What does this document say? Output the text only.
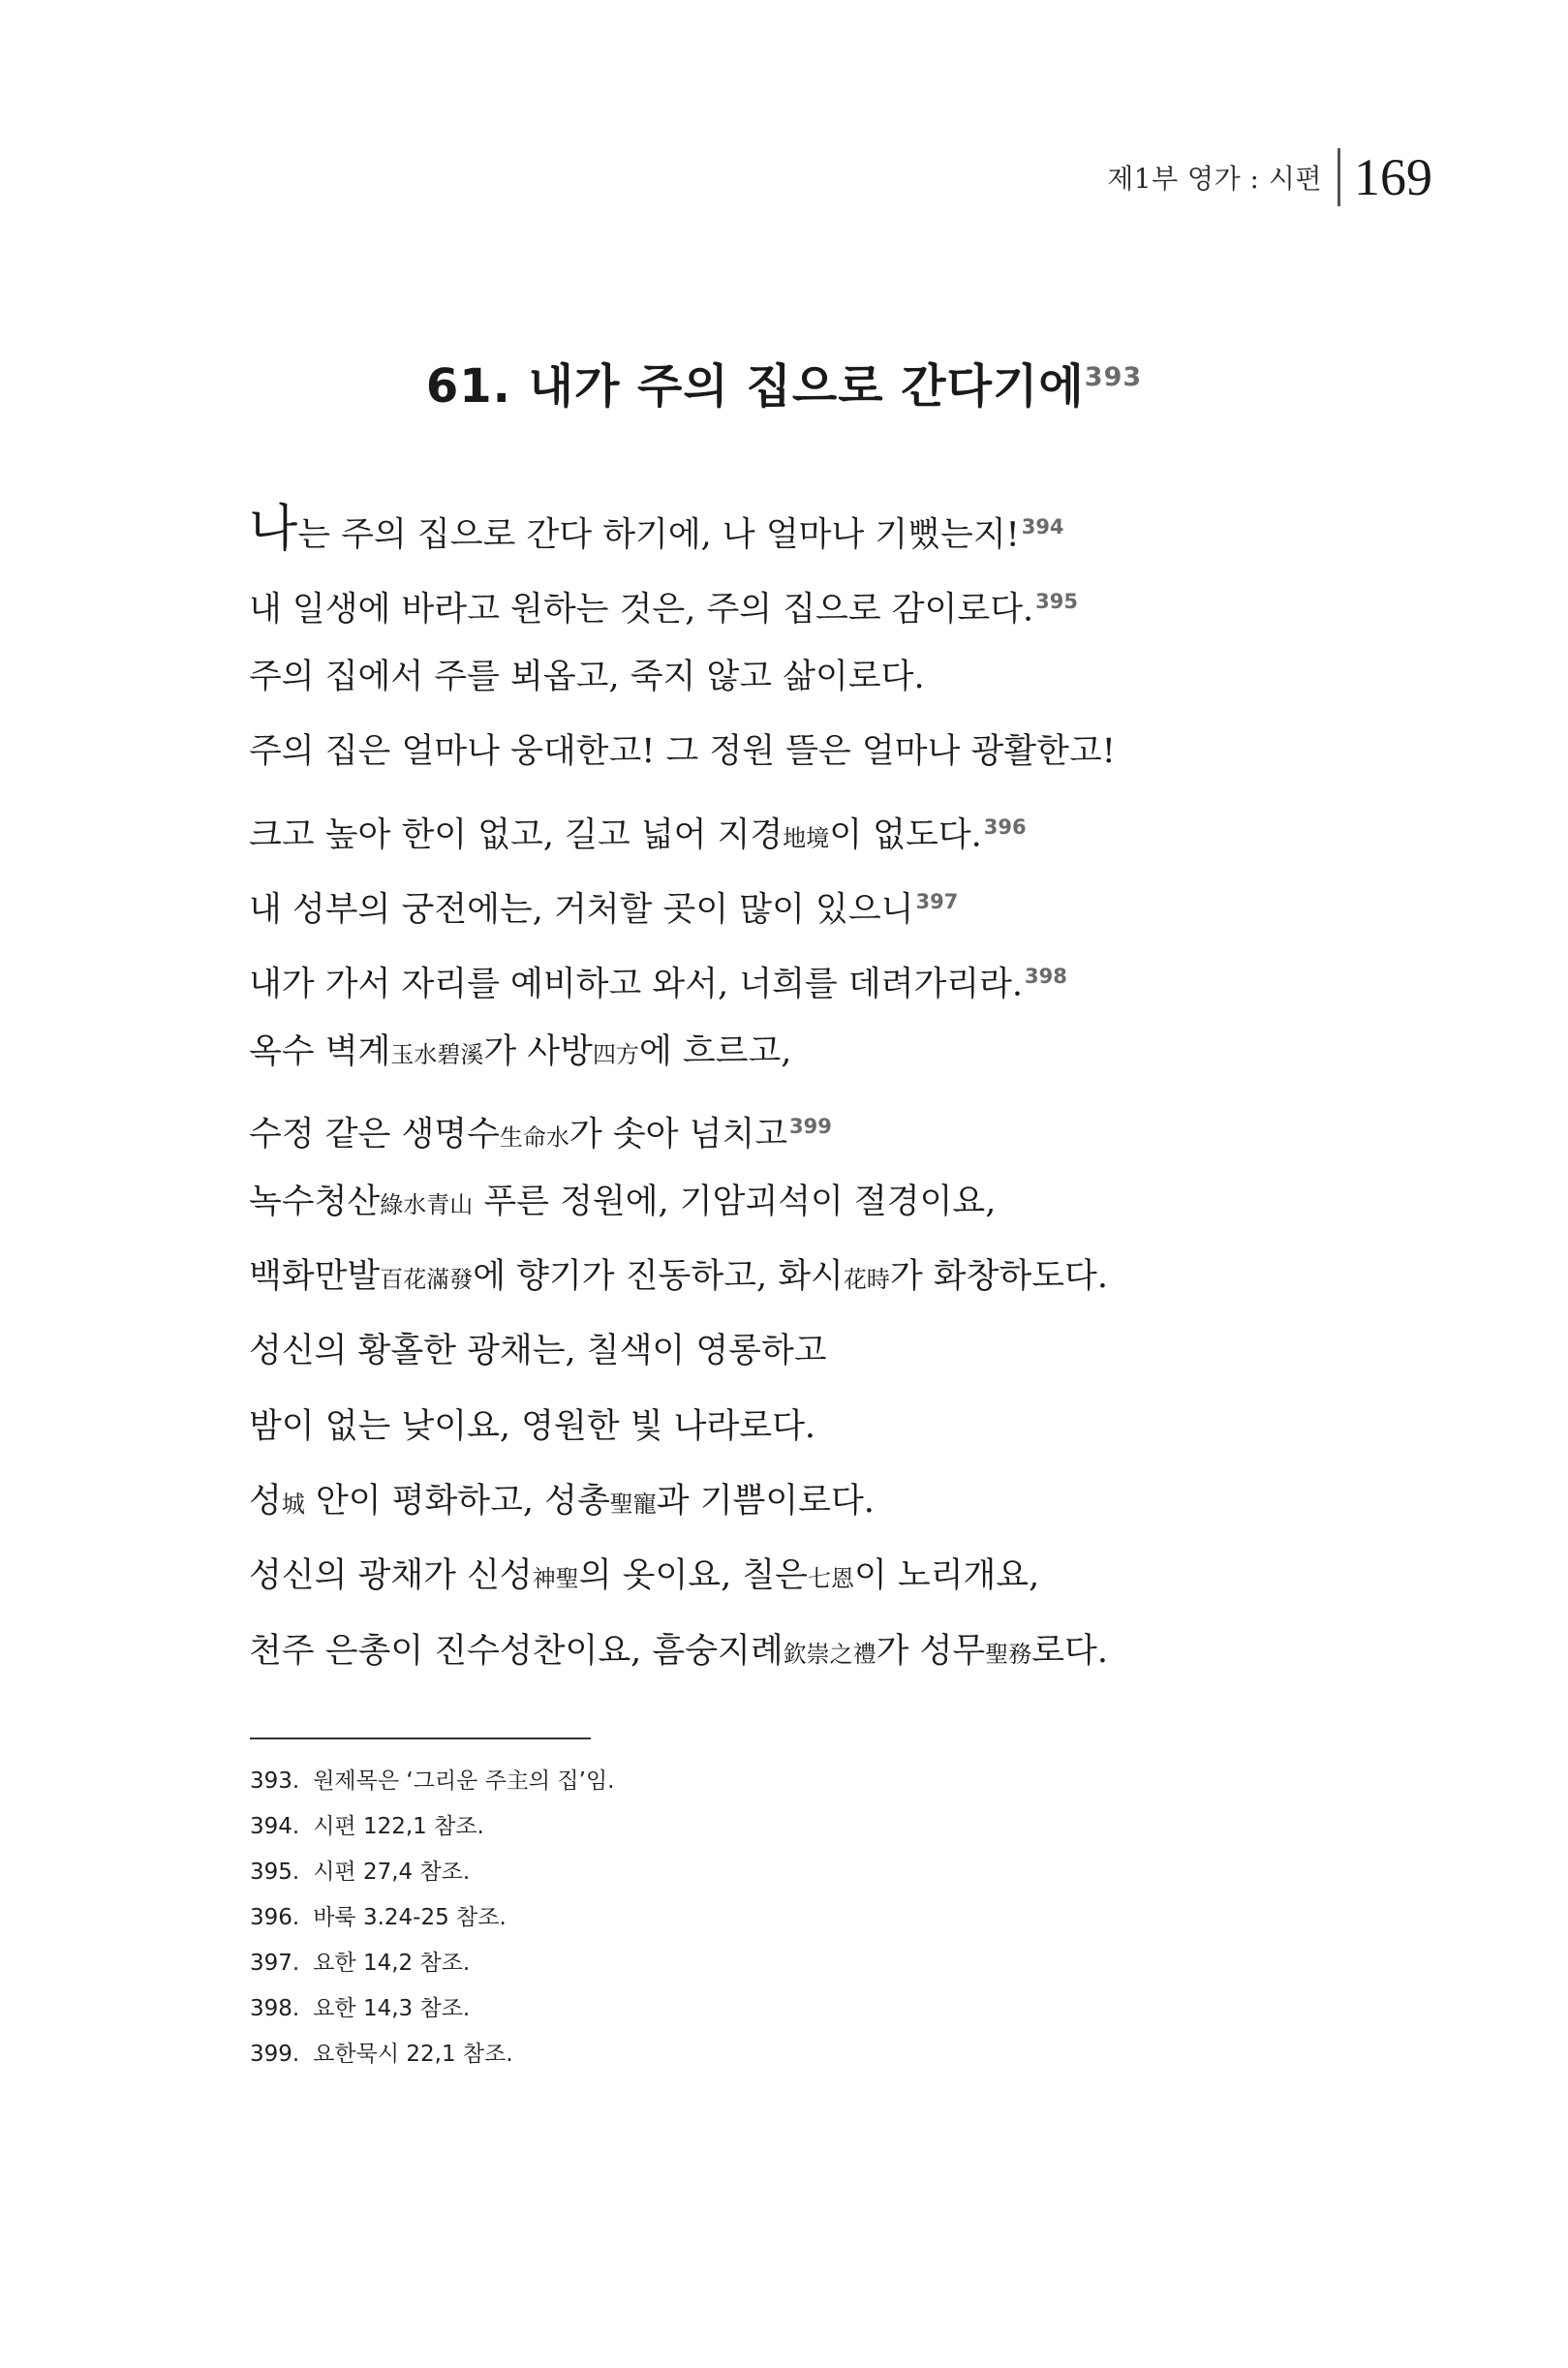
제1부 영가 : 시편 169
61. 내가 주의 집으로 간다기에$^{393}$
나는 주의 집으로 간다 하기에, 나 얼마나 기뻤는지!$^{394}$
내 일생에 바라고 원하는 것은, 주의 집으로 감이로다.$^{395}$
주의 집에서 주를 뵈옵고, 죽지 않고 삶이로다.
주의 집은 얼마나 웅대한고! 그 정원 뜰은 얼마나 광활한고!
크고 높아 한이 없고, 길고 넓어 지경地境이 없도다.$^{396}$
내 성부의 궁전에는, 거처할 곳이 많이 있으니$^{397}$
내가 가서 자리를 예비하고 와서, 너희를 데려가리라.$^{398}$
옥수 벽계玉水碧溪가 사방四方에 흐르고,
수정 같은 생명수生命水가 솟아 넘치고$^{399}$
녹수청산綠水青山 푸른 정원에, 기암괴석이 절경이요,
백화만발百花滿發에 향기가 진동하고, 화시花時가 화창하도다.
성신의 황홀한 광채는, 칠색이 영롱하고
밤이 없는 낮이요, 영원한 빛 나라로다.
성城 안이 평화하고, 성총聖寵과 기쁨이로다.
성신의 광채가 신성神聖의 옷이요, 칠은七恩이 노리개요,
천주 은총이 진수성찬이요, 흠숭지례欽崇之禮가 성무聖務로다.
393. 원제목은 ‘그리운 주主의 집’임.
394. 시편 122,1 참조.
395. 시편 27,4 참조.
396. 바룩 3.24-25 참조.
397. 요한 14,2 참조.
398. 요한 14,3 참조.
399. 요한묵시 22,1 참조.
